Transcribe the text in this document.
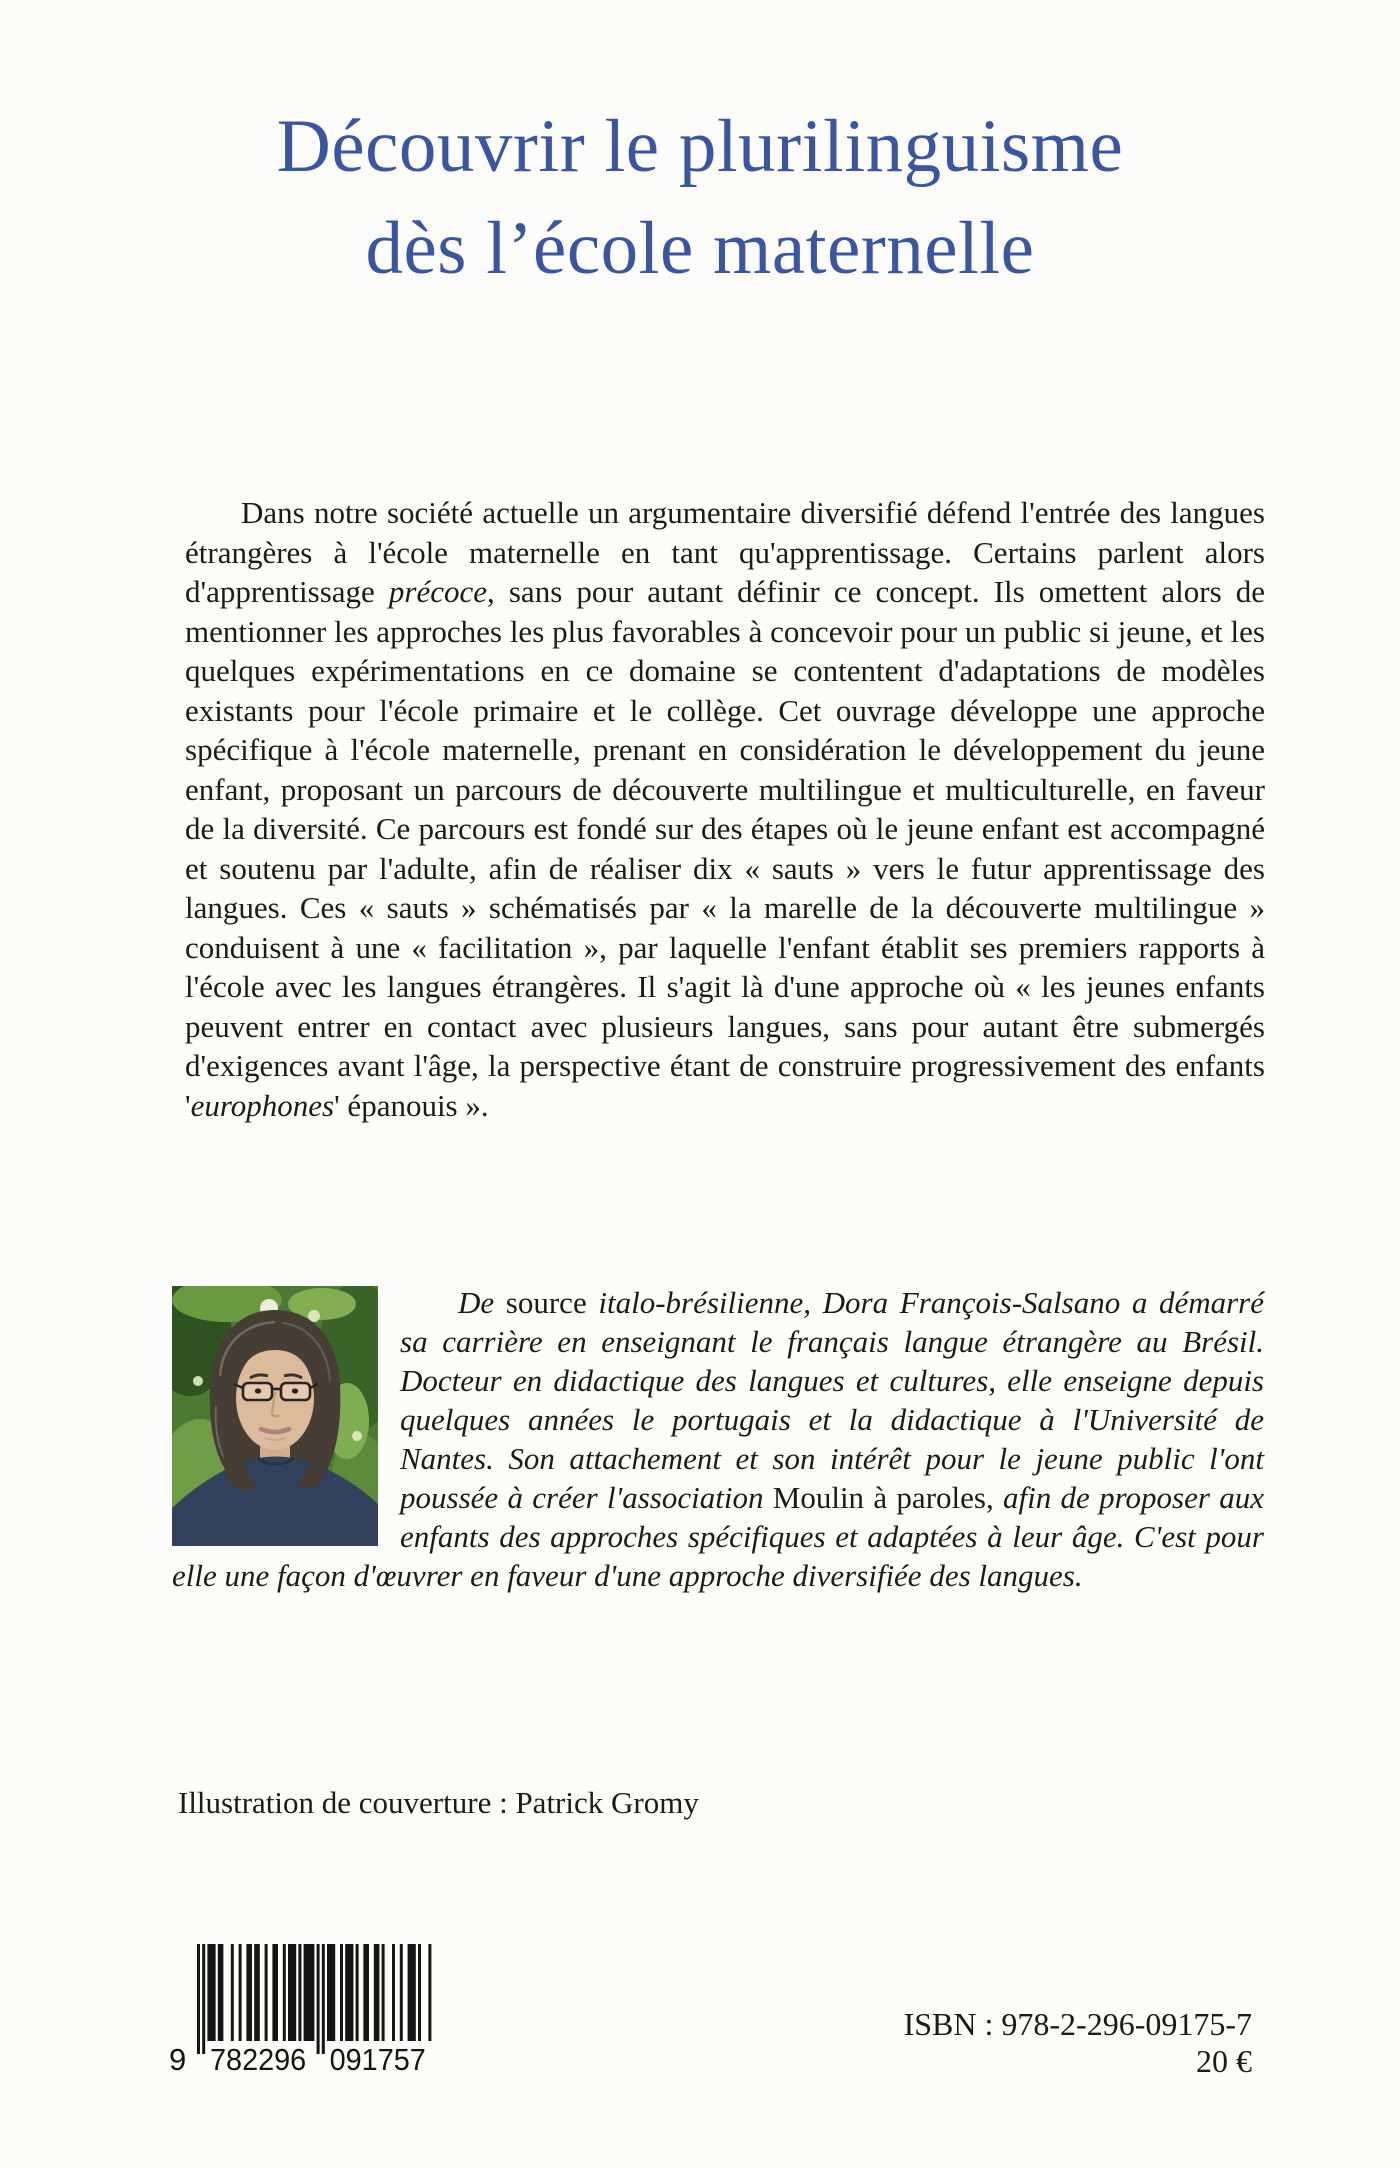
Découvrir le plurilinguisme
dès l’école maternelle

Dans notre société actuelle un argumentaire diversifié défend l'entrée des langues étrangères à l'école maternelle en tant qu'apprentissage. Certains parlent alors d'apprentissage précoce, sans pour autant définir ce concept. Ils omettent alors de mentionner les approches les plus favorables à concevoir pour un public si jeune, et les quelques expérimentations en ce domaine se contentent d'adaptations de modèles existants pour l'école primaire et le collège. Cet ouvrage développe une approche spécifique à l'école maternelle, prenant en considération le développement du jeune enfant, proposant un parcours de découverte multilingue et multiculturelle, en faveur de la diversité. Ce parcours est fondé sur des étapes où le jeune enfant est accompagné et soutenu par l'adulte, afin de réaliser dix « sauts » vers le futur apprentissage des langues. Ces « sauts » schématisés par « la marelle de la découverte multilingue » conduisent à une « facilitation », par laquelle l'enfant établit ses premiers rapports à l'école avec les langues étrangères. Il s'agit là d'une approche où « les jeunes enfants peuvent entrer en contact avec plusieurs langues, sans pour autant être submergés d'exigences avant l'âge, la perspective étant de construire progressivement des enfants 'europhones' épanouis ».

De source italo-brésilienne, Dora François-Salsano a démarré sa carrière en enseignant le français langue étrangère au Brésil. Docteur en didactique des langues et cultures, elle enseigne depuis quelques années le portugais et la didactique à l'Université de Nantes. Son attachement et son intérêt pour le jeune public l'ont poussée à créer l'association Moulin à paroles, afin de proposer aux enfants des approches spécifiques et adaptées à leur âge. C'est pour elle une façon d'œuvrer en faveur d'une approche diversifiée des langues.
Illustration de couverture : Patrick Gromy
9 782296 091757
ISBN : 978-2-296-09175-7
20 €
